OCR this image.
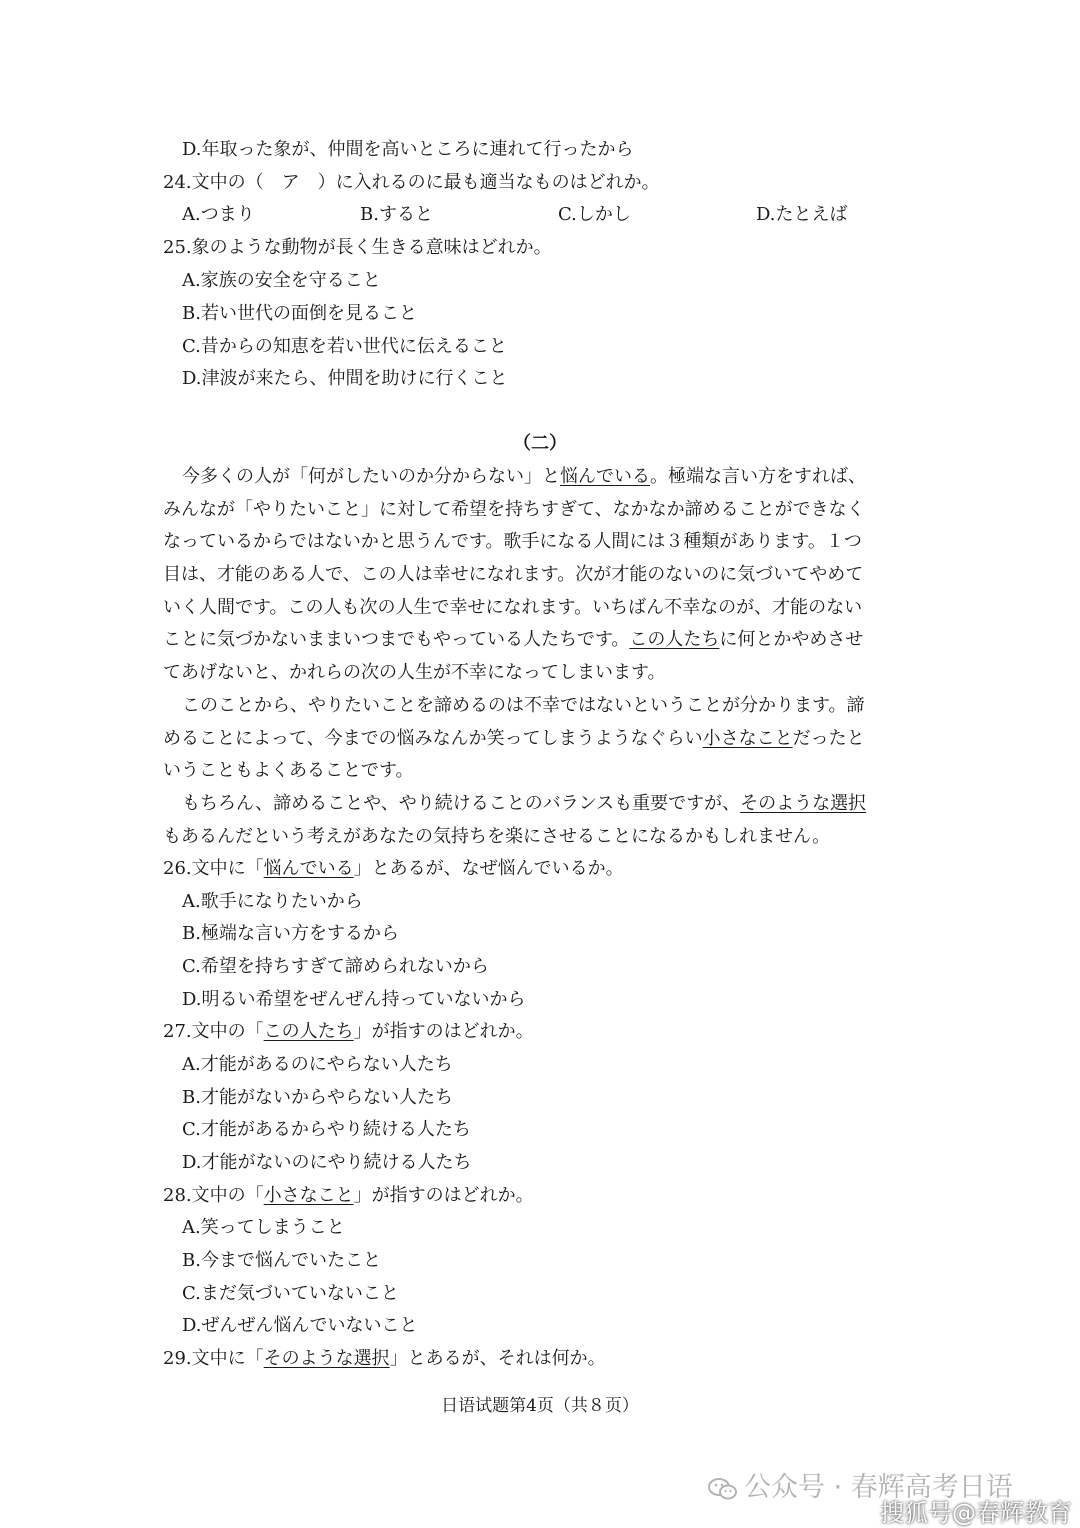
D.年取った象が、仲間を高いところに連れて行ったから
24.文中の（　ア　）に入れるのに最も適当なものはどれか。
A.つまり	B.すると	C.しかし	D.たとえば
25.象のような動物が長く生きる意味はどれか。
A.家族の安全を守ること
B.若い世代の面倒を見ること
C.昔からの知恵を若い世代に伝えること
D.津波が来たら、仲間を助けに行くこと
（二）
今多くの人が「何がしたいのか分からない」と悩んでいる。極端な言い方をすれば、
みんなが「やりたいこと」に対して希望を持ちすぎて、なかなか諦めることができなく
なっているからではないかと思うんです。歌手になる人間には３種類があります。１つ
目は、才能のある人で、この人は幸せになれます。次が才能のないのに気づいてやめて
いく人間です。この人も次の人生で幸せになれます。いちばん不幸なのが、才能のない
ことに気づかないままいつまでもやっている人たちです。この人たちに何とかやめさせ
てあげないと、かれらの次の人生が不幸になってしまいます。
このことから、やりたいことを諦めるのは不幸ではないということが分かります。諦
めることによって、今までの悩みなんか笑ってしまうようなぐらい小さなことだったと
いうこともよくあることです。
もちろん、諦めることや、やり続けることのバランスも重要ですが、そのような選択
もあるんだという考えがあなたの気持ちを楽にさせることになるかもしれません。
26.文中に「悩んでいる」とあるが、なぜ悩んでいるか。
A.歌手になりたいから
B.極端な言い方をするから
C.希望を持ちすぎて諦められないから
D.明るい希望をぜんぜん持っていないから
27.文中の「この人たち」が指すのはどれか。
A.才能があるのにやらない人たち
B.才能がないからやらない人たち
C.才能があるからやり続ける人たち
D.才能がないのにやり続ける人たち
28.文中の「小さなこと」が指すのはどれか。
A.笑ってしまうこと
B.今まで悩んでいたこと
C.まだ気づいていないこと
D.ぜんぜん悩んでいないこと
29.文中に「そのような選択」とあるが、それは何か。
日语试题第4页（共８页）
公众号 · 春辉高考日语
搜狐号@春辉教育
